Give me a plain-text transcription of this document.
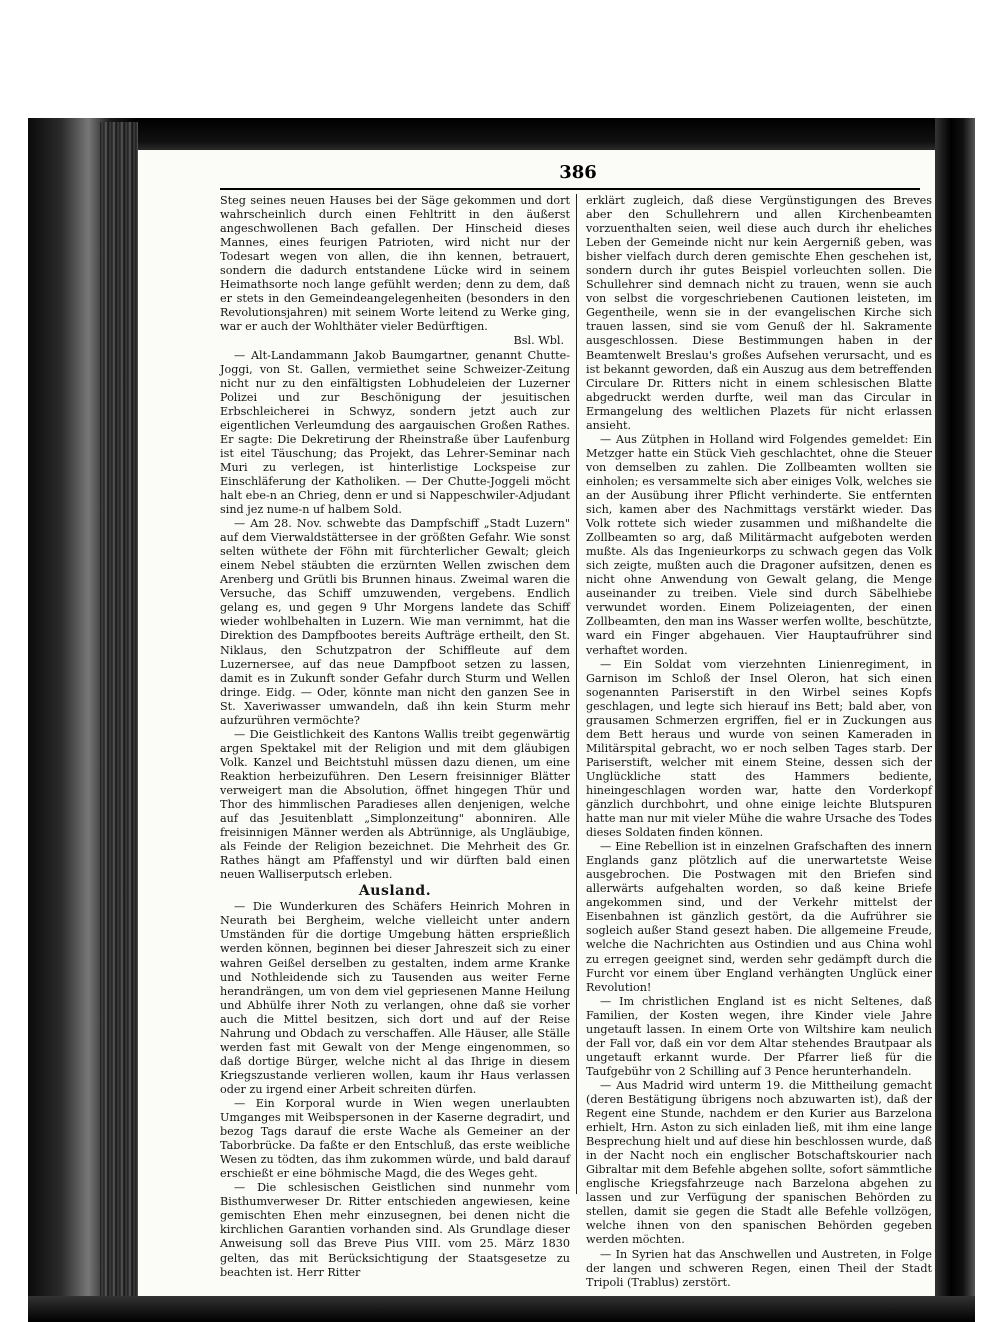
386

Steg seines neuen Hauses bei der Säge gekommen und dort wahrscheinlich durch einen Fehltritt in den äußerst angeschwollenen Bach gefallen. Der Hinscheid dieses Mannes, eines feurigen Patrioten, wird nicht nur der Todesart wegen von allen, die ihn kennen, betrauert, sondern die dadurch entstandene Lücke wird in seinem Heimathsorte noch lange gefühlt werden; denn zu dem, daß er stets in den Gemeindeangelegenheiten (besonders in den Revolutionsjahren) mit seinem Worte leitend zu Werke ging, war er auch der Wohlthäter vieler Bedürftigen.
Bsl. Wbl.

— Alt-Landammann Jakob Baumgartner, genannt Chutte-Joggi, von St. Gallen, vermiethet seine Schweizer-Zeitung nicht nur zu den einfältigsten Lobhudeleien der Luzerner Polizei und zur Beschönigung der jesuitischen Erbschleicherei in Schwyz, sondern jetzt auch zur eigentlichen Verleumdung des aargauischen Großen Rathes. Er sagte: Die Dekretirung der Rheinstraße über Laufenburg ist eitel Täuschung; das Projekt, das Lehrer-Seminar nach Muri zu verlegen, ist hinterlistige Lockspeise zur Einschläferung der Katholiken. — Der Chutte-Joggeli möcht halt ebe-n an Chrieg, denn er und si Nappeschwiler-Adjudant sind jez nume-n uf halbem Sold.

— Am 28. Nov. schwebte das Dampfschiff „Stadt Luzern" auf dem Vierwaldstättersee in der größten Gefahr. Wie sonst selten wüthete der Föhn mit fürchterlicher Gewalt; gleich einem Nebel stäubten die erzürnten Wellen zwischen dem Arenberg und Grütli bis Brunnen hinaus. Zweimal waren die Versuche, das Schiff umzuwenden, vergebens. Endlich gelang es, und gegen 9 Uhr Morgens landete das Schiff wieder wohlbehalten in Luzern. Wie man vernimmt, hat die Direktion des Dampfbootes bereits Aufträge ertheilt, den St. Niklaus, den Schutzpatron der Schiffleute auf dem Luzernersee, auf das neue Dampfboot setzen zu lassen, damit es in Zukunft sonder Gefahr durch Sturm und Wellen dringe. Eidg. — Oder, könnte man nicht den ganzen See in St. Xaveriwasser umwandeln, daß ihn kein Sturm mehr aufzurühren vermöchte?

— Die Geistlichkeit des Kantons Wallis treibt gegenwärtig argen Spektakel mit der Religion und mit dem gläubigen Volk. Kanzel und Beichtstuhl müssen dazu dienen, um eine Reaktion herbeizuführen. Den Lesern freisinniger Blätter verweigert man die Absolution, öffnet hingegen Thür und Thor des himmlischen Paradieses allen denjenigen, welche auf das Jesuitenblatt „Simplonzeitung" abonniren. Alle freisinnigen Männer werden als Abtrünnige, als Ungläubige, als Feinde der Religion bezeichnet. Die Mehrheit des Gr. Rathes hängt am Pfaffenstyl und wir dürften bald einen neuen Walliserputsch erleben.

Ausland.

— Die Wunderkuren des Schäfers Heinrich Mohren in Neurath bei Bergheim, welche vielleicht unter andern Umständen für die dortige Umgebung hätten ersprießlich werden können, beginnen bei dieser Jahreszeit sich zu einer wahren Geißel derselben zu gestalten, indem arme Kranke und Nothleidende sich zu Tausenden aus weiter Ferne herandrängen, um von dem viel gepriesenen Manne Heilung und Abhülfe ihrer Noth zu verlangen, ohne daß sie vorher auch die Mittel besitzen, sich dort und auf der Reise Nahrung und Obdach zu verschaffen. Alle Häuser, alle Ställe werden fast mit Gewalt von der Menge eingenommen, so daß dortige Bürger, welche nicht al das Ihrige in diesem Kriegszustande verlieren wollen, kaum ihr Haus verlassen oder zu irgend einer Arbeit schreiten dürfen.

— Ein Korporal wurde in Wien wegen unerlaubten Umganges mit Weibspersonen in der Kaserne degradirt, und bezog Tags darauf die erste Wache als Gemeiner an der Taborbrücke. Da faßte er den Entschluß, das erste weibliche Wesen zu tödten, das ihm zukommen würde, und bald darauf erschießt er eine böhmische Magd, die des Weges geht.

— Die schlesischen Geistlichen sind nunmehr vom Bisthumverweser Dr. Ritter entschieden angewiesen, keine gemischten Ehen mehr einzusegnen, bei denen nicht die kirchlichen Garantien vorhanden sind. Als Grundlage dieser Anweisung soll das Breve Pius VIII. vom 25. März 1830 gelten, das mit Berücksichtigung der Staatsgesetze zu beachten ist. Herr Ritter

erklärt zugleich, daß diese Vergünstigungen des Breves aber den Schullehrern und allen Kirchenbeamten vorzuenthalten seien, weil diese auch durch ihr eheliches Leben der Gemeinde nicht nur kein Aergerniß geben, was bisher vielfach durch deren gemischte Ehen geschehen ist, sondern durch ihr gutes Beispiel vorleuchten sollen. Die Schullehrer sind demnach nicht zu trauen, wenn sie auch von selbst die vorgeschriebenen Cautionen leisteten, im Gegentheile, wenn sie in der evangelischen Kirche sich trauen lassen, sind sie vom Genuß der hl. Sakramente ausgeschlossen. Diese Bestimmungen haben in der Beamtenwelt Breslau's großes Aufsehen verursacht, und es ist bekannt geworden, daß ein Auszug aus dem betreffenden Circulare Dr. Ritters nicht in einem schlesischen Blatte abgedruckt werden durfte, weil man das Circular in Ermangelung des weltlichen Plazets für nicht erlassen ansieht.

— Aus Zütphen in Holland wird Folgendes gemeldet: Ein Metzger hatte ein Stück Vieh geschlachtet, ohne die Steuer von demselben zu zahlen. Die Zollbeamten wollten sie einholen; es versammelte sich aber einiges Volk, welches sie an der Ausübung ihrer Pflicht verhinderte. Sie entfernten sich, kamen aber des Nachmittags verstärkt wieder. Das Volk rottete sich wieder zusammen und mißhandelte die Zollbeamten so arg, daß Militärmacht aufgeboten werden mußte. Als das Ingenieurkorps zu schwach gegen das Volk sich zeigte, mußten auch die Dragoner aufsitzen, denen es nicht ohne Anwendung von Gewalt gelang, die Menge auseinander zu treiben. Viele sind durch Säbelhiebe verwundet worden. Einem Polizeiagenten, der einen Zollbeamten, den man ins Wasser werfen wollte, beschützte, ward ein Finger abgehauen. Vier Hauptaufrührer sind verhaftet worden.

— Ein Soldat vom vierzehnten Linienregiment, in Garnison im Schloß der Insel Oleron, hat sich einen sogenannten Pariserstift in den Wirbel seines Kopfs geschlagen, und legte sich hierauf ins Bett; bald aber, von grausamen Schmerzen ergriffen, fiel er in Zuckungen aus dem Bett heraus und wurde von seinen Kameraden in Militärspital gebracht, wo er noch selben Tages starb. Der Pariserstift, welcher mit einem Steine, dessen sich der Unglückliche statt des Hammers bediente, hineingeschlagen worden war, hatte den Vorderkopf gänzlich durchbohrt, und ohne einige leichte Blutspuren hatte man nur mit vieler Mühe die wahre Ursache des Todes dieses Soldaten finden können.

— Eine Rebellion ist in einzelnen Grafschaften des innern Englands ganz plötzlich auf die unerwartetste Weise ausgebrochen. Die Postwagen mit den Briefen sind allerwärts aufgehalten worden, so daß keine Briefe angekommen sind, und der Verkehr mittelst der Eisenbahnen ist gänzlich gestört, da die Aufrührer sie sogleich außer Stand gesezt haben. Die allgemeine Freude, welche die Nachrichten aus Ostindien und aus China wohl zu erregen geeignet sind, werden sehr gedämpft durch die Furcht vor einem über England verhängten Unglück einer Revolution!

— Im christlichen England ist es nicht Seltenes, daß Familien, der Kosten wegen, ihre Kinder viele Jahre ungetauft lassen. In einem Orte von Wiltshire kam neulich der Fall vor, daß ein vor dem Altar stehendes Brautpaar als ungetauft erkannt wurde. Der Pfarrer ließ für die Taufgebühr von 2 Schilling auf 3 Pence herunterhandeln.

— Aus Madrid wird unterm 19. die Mittheilung gemacht (deren Bestätigung übrigens noch abzuwarten ist), daß der Regent eine Stunde, nachdem er den Kurier aus Barzelona erhielt, Hrn. Aston zu sich einladen ließ, mit ihm eine lange Besprechung hielt und auf diese hin beschlossen wurde, daß in der Nacht noch ein englischer Botschaftskourier nach Gibraltar mit dem Befehle abgehen sollte, sofort sämmtliche englische Kriegsfahrzeuge nach Barzelona abgehen zu lassen und zur Verfügung der spanischen Behörden zu stellen, damit sie gegen die Stadt alle Befehle vollzögen, welche ihnen von den spanischen Behörden gegeben werden möchten.

— In Syrien hat das Anschwellen und Austreten, in Folge der langen und schweren Regen, einen Theil der Stadt Tripoli (Trablus) zerstört.
